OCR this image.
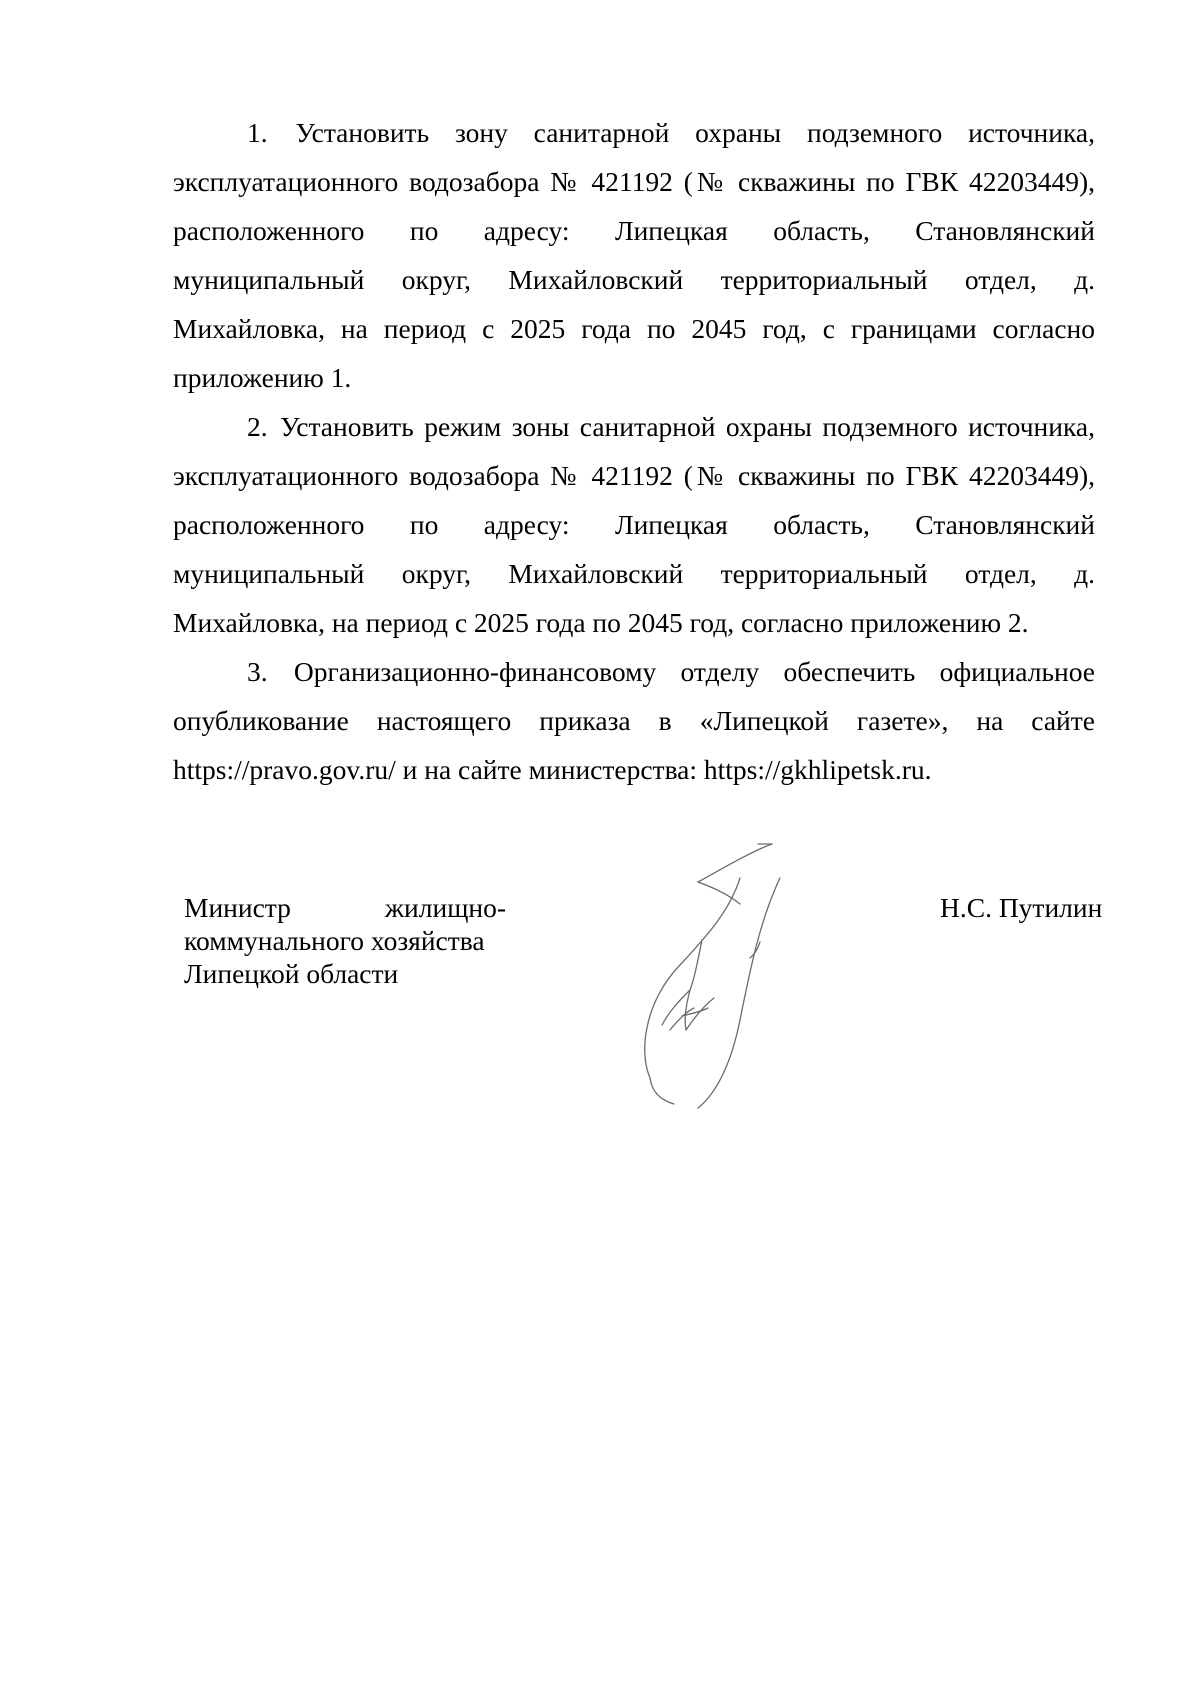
1. Установить зону санитарной охраны подземного источника, эксплуатационного водозабора № 421192 (№ скважины по ГВК 42203449), расположенного по адресу: Липецкая область, Становлянский муниципальный округ, Михайловский территориальный отдел, д. Михайловка, на период с 2025 года по 2045 год, с границами согласно приложению 1.

2. Установить режим зоны санитарной охраны подземного источника, эксплуатационного водозабора № 421192 (№ скважины по ГВК 42203449), расположенного по адресу: Липецкая область, Становлянский муниципальный округ, Михайловский территориальный отдел, д. Михайловка, на период с 2025 года по 2045 год, согласно приложению 2.

3. Организационно-финансовому отделу обеспечить официальное опубликование настоящего приказа в «Липецкой газете», на сайте https://pravo.gov.ru/ и на сайте министерства: https://gkhlipetsk.ru.

Министр жилищно-
коммунального хозяйства
Липецкой области
Н.С. Путилин
